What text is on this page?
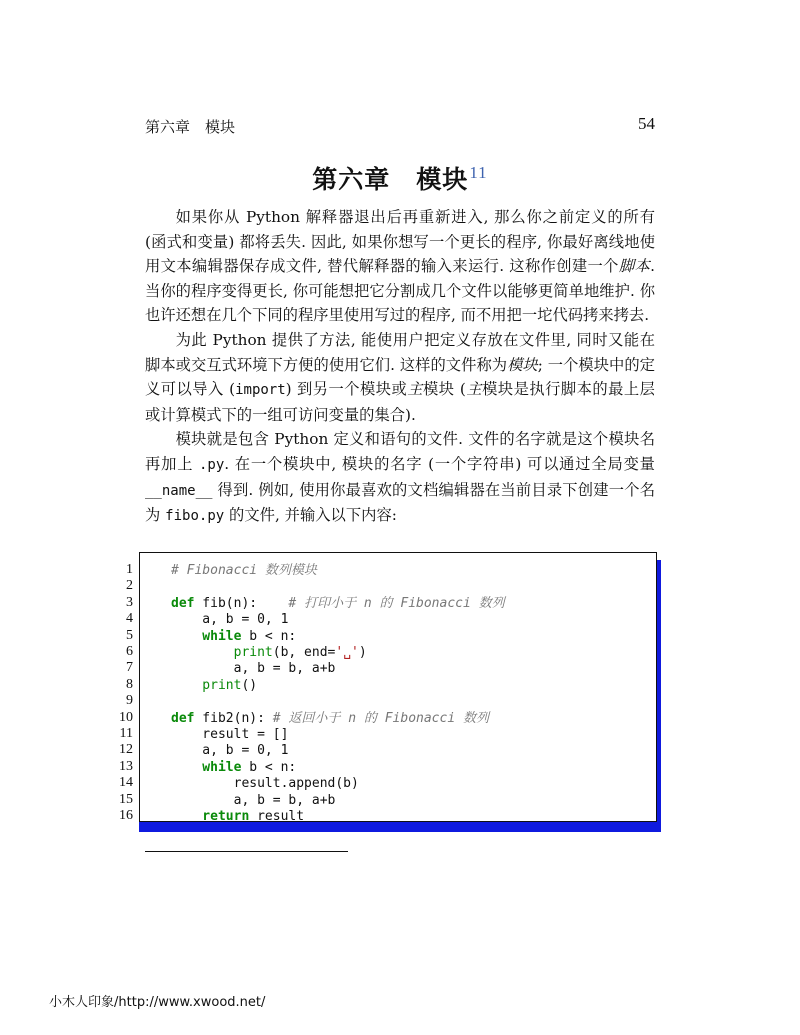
第六章　模块	54
第六章　模块$^{11}$

如果你从 Python 解释器退出后再重新进入, 那么你之前定义的所有 (函式和变量) 都将丢失. 因此, 如果你想写一个更长的程序, 你最好离线地使用文本编辑器保存成文件, 替代解释器的输入来运行. 这称作创建一个脚本. 当你的程序变得更长, 你可能想把它分割成几个文件以能够更简单地维护. 你也许还想在几个下同的程序里使用写过的程序, 而不用把一坨代码拷来拷去.

为此 Python 提供了方法, 能使用户把定义存放在文件里, 同时又能在脚本或交互式环境下方便的使用它们. 这样的文件称为模块; 一个模块中的定义可以导入 (import) 到另一个模块或主模块 (主模块是执行脚本的最上层或计算模式下的一组可访问变量的集合).

模块就是包含 Python 定义和语句的文件. 文件的名字就是这个模块名再加上 .py. 在一个模块中, 模块的名字 (一个字符串) 可以通过全局变量 __name__ 得到. 例如, 使用你最喜欢的文档编辑器在当前目录下创建一个名为 fibo.py 的文件, 并输入以下内容:

1
2
3
4
5
6
7
8
9
10
11
12
13
14
15
16
# Fibonacci 数列模块

def fib(n):    # 打印小于 n 的 Fibonacci 数列
a, b = 0, 1
while b < n:
print(b, end='␣')
a, b = b, a+b
print()

def fib2(n): # 返回小于 n 的 Fibonacci 数列
result = []
a, b = 0, 1
while b < n:
result.append(b)
a, b = b, a+b
return result
小木人印象/http://www.xwood.net/
